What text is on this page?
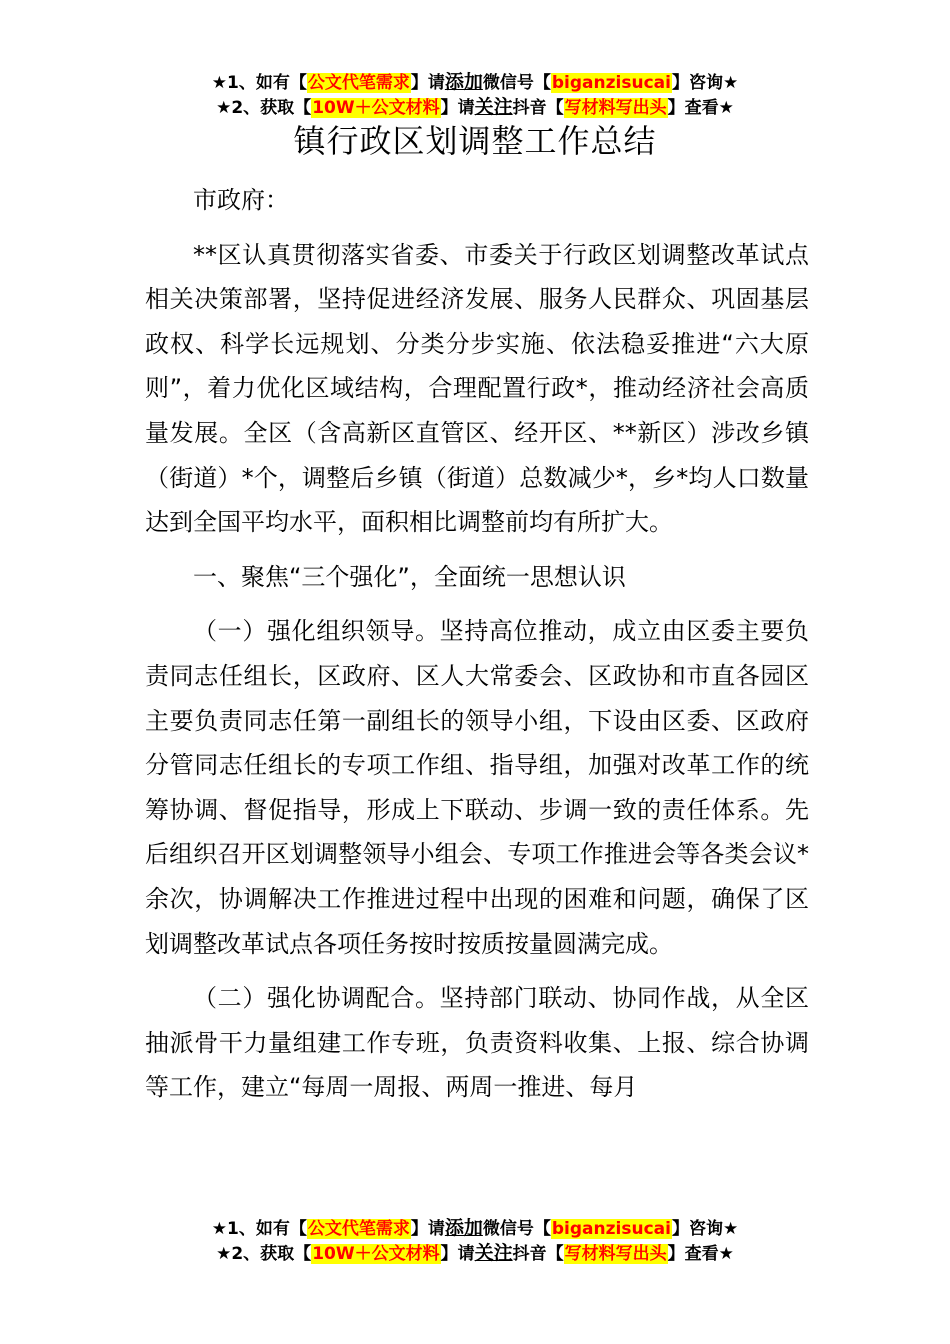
★1、如有【公文代笔需求】请添加微信号【biganzisucai】咨询★
★2、获取【10W＋公文材料】请关注抖音【写材料写出头】查看★
镇行政区划调整工作总结

市政府：

**区认真贯彻落实省委、市委关于行政区划调整改革试点相关决策部署，坚持促进经济发展、服务人民群众、巩固基层政权、科学长远规划、分类分步实施、依法稳妥推进“六大原则”，着力优化区域结构，合理配置行政*，推动经济社会高质量发展。全区（含高新区直管区、经开区、**新区）涉改乡镇（街道）*个，调整后乡镇（街道）总数减少*，乡*均人口数量达到全国平均水平，面积相比调整前均有所扩大。

一、聚焦“三个强化”，全面统一思想认识

（一）强化组织领导。坚持高位推动，成立由区委主要负责同志任组长，区政府、区人大常委会、区政协和市直各园区主要负责同志任第一副组长的领导小组，下设由区委、区政府分管同志任组长的专项工作组、指导组，加强对改革工作的统筹协调、督促指导，形成上下联动、步调一致的责任体系。先后组织召开区划调整领导小组会、专项工作推进会等各类会议*余次，协调解决工作推进过程中出现的困难和问题，确保了区划调整改革试点各项任务按时按质按量圆满完成。

（二）强化协调配合。坚持部门联动、协同作战，从全区抽派骨干力量组建工作专班，负责资料收集、上报、综合协调等工作，建立“每周一周报、两周一推进、每月

★1、如有【公文代笔需求】请添加微信号【biganzisucai】咨询★
★2、获取【10W＋公文材料】请关注抖音【写材料写出头】查看★
